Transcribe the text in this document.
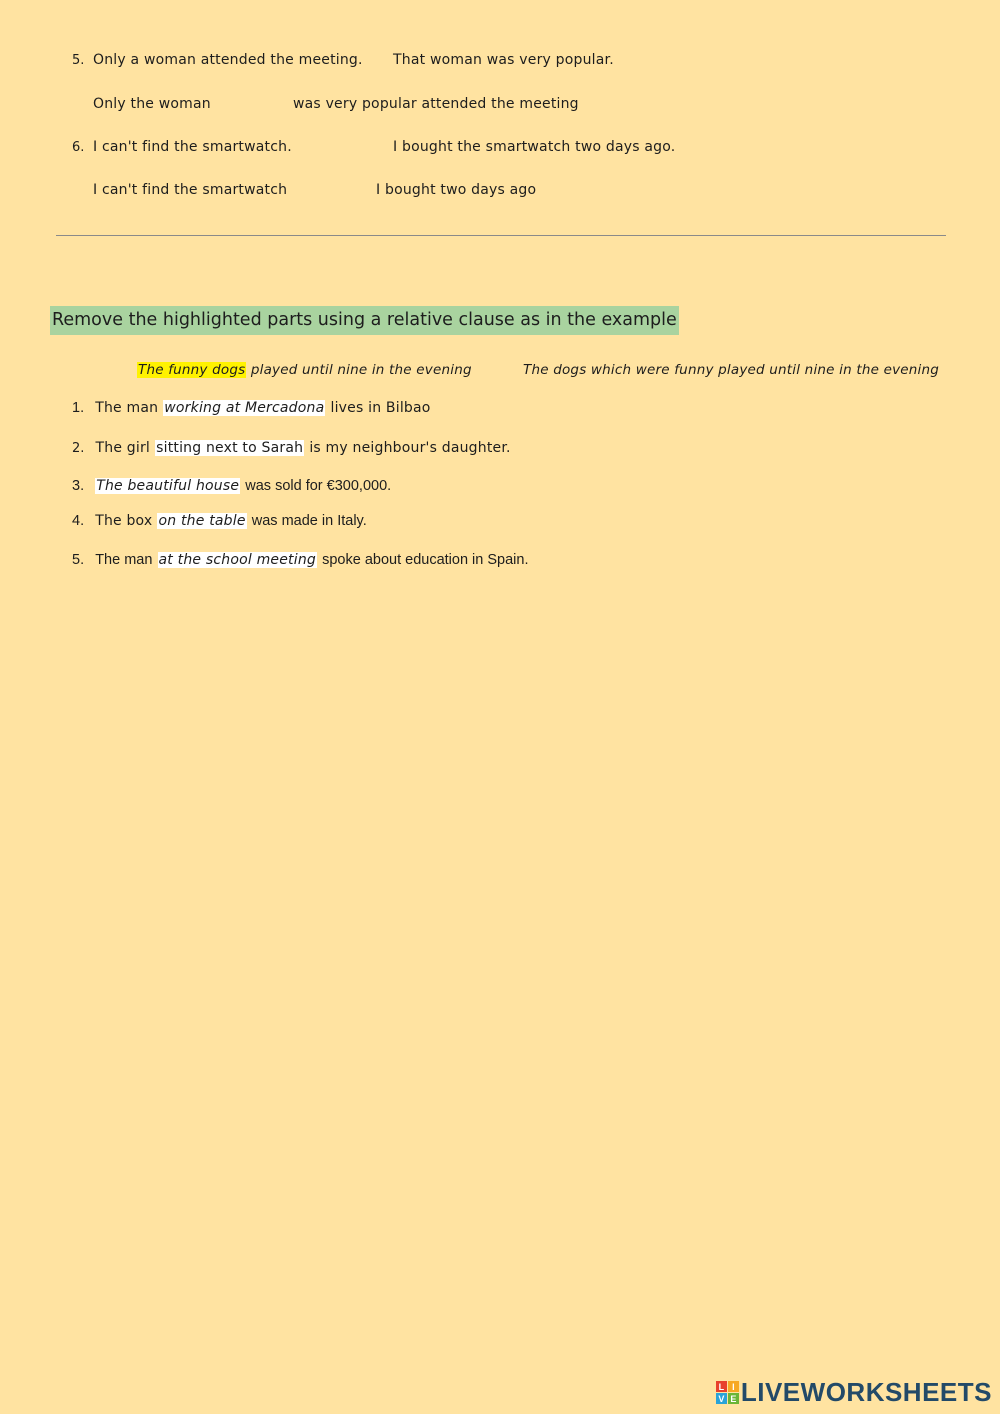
5. Only a woman attended the meeting. That woman was very popular.
Only the woman	was very popular attended the meeting
6. I can't find the smartwatch.	I bought the smartwatch two days ago.
I can't find the smartwatch	I bought two days ago
Remove the highlighted parts using a relative clause as in the example
The funny dogs played until nine in the evening	The dogs which were funny played until nine in the evening
1. The man working at Mercadona lives in Bilbao
2. The girl sitting next to Sarah is my neighbour's daughter.
3. The beautiful house was sold for €300,000.
4. The box on the table was made in Italy.
5. The man at the school meeting spoke about education in Spain.
L I
V E LIVEWORKSHEETS
